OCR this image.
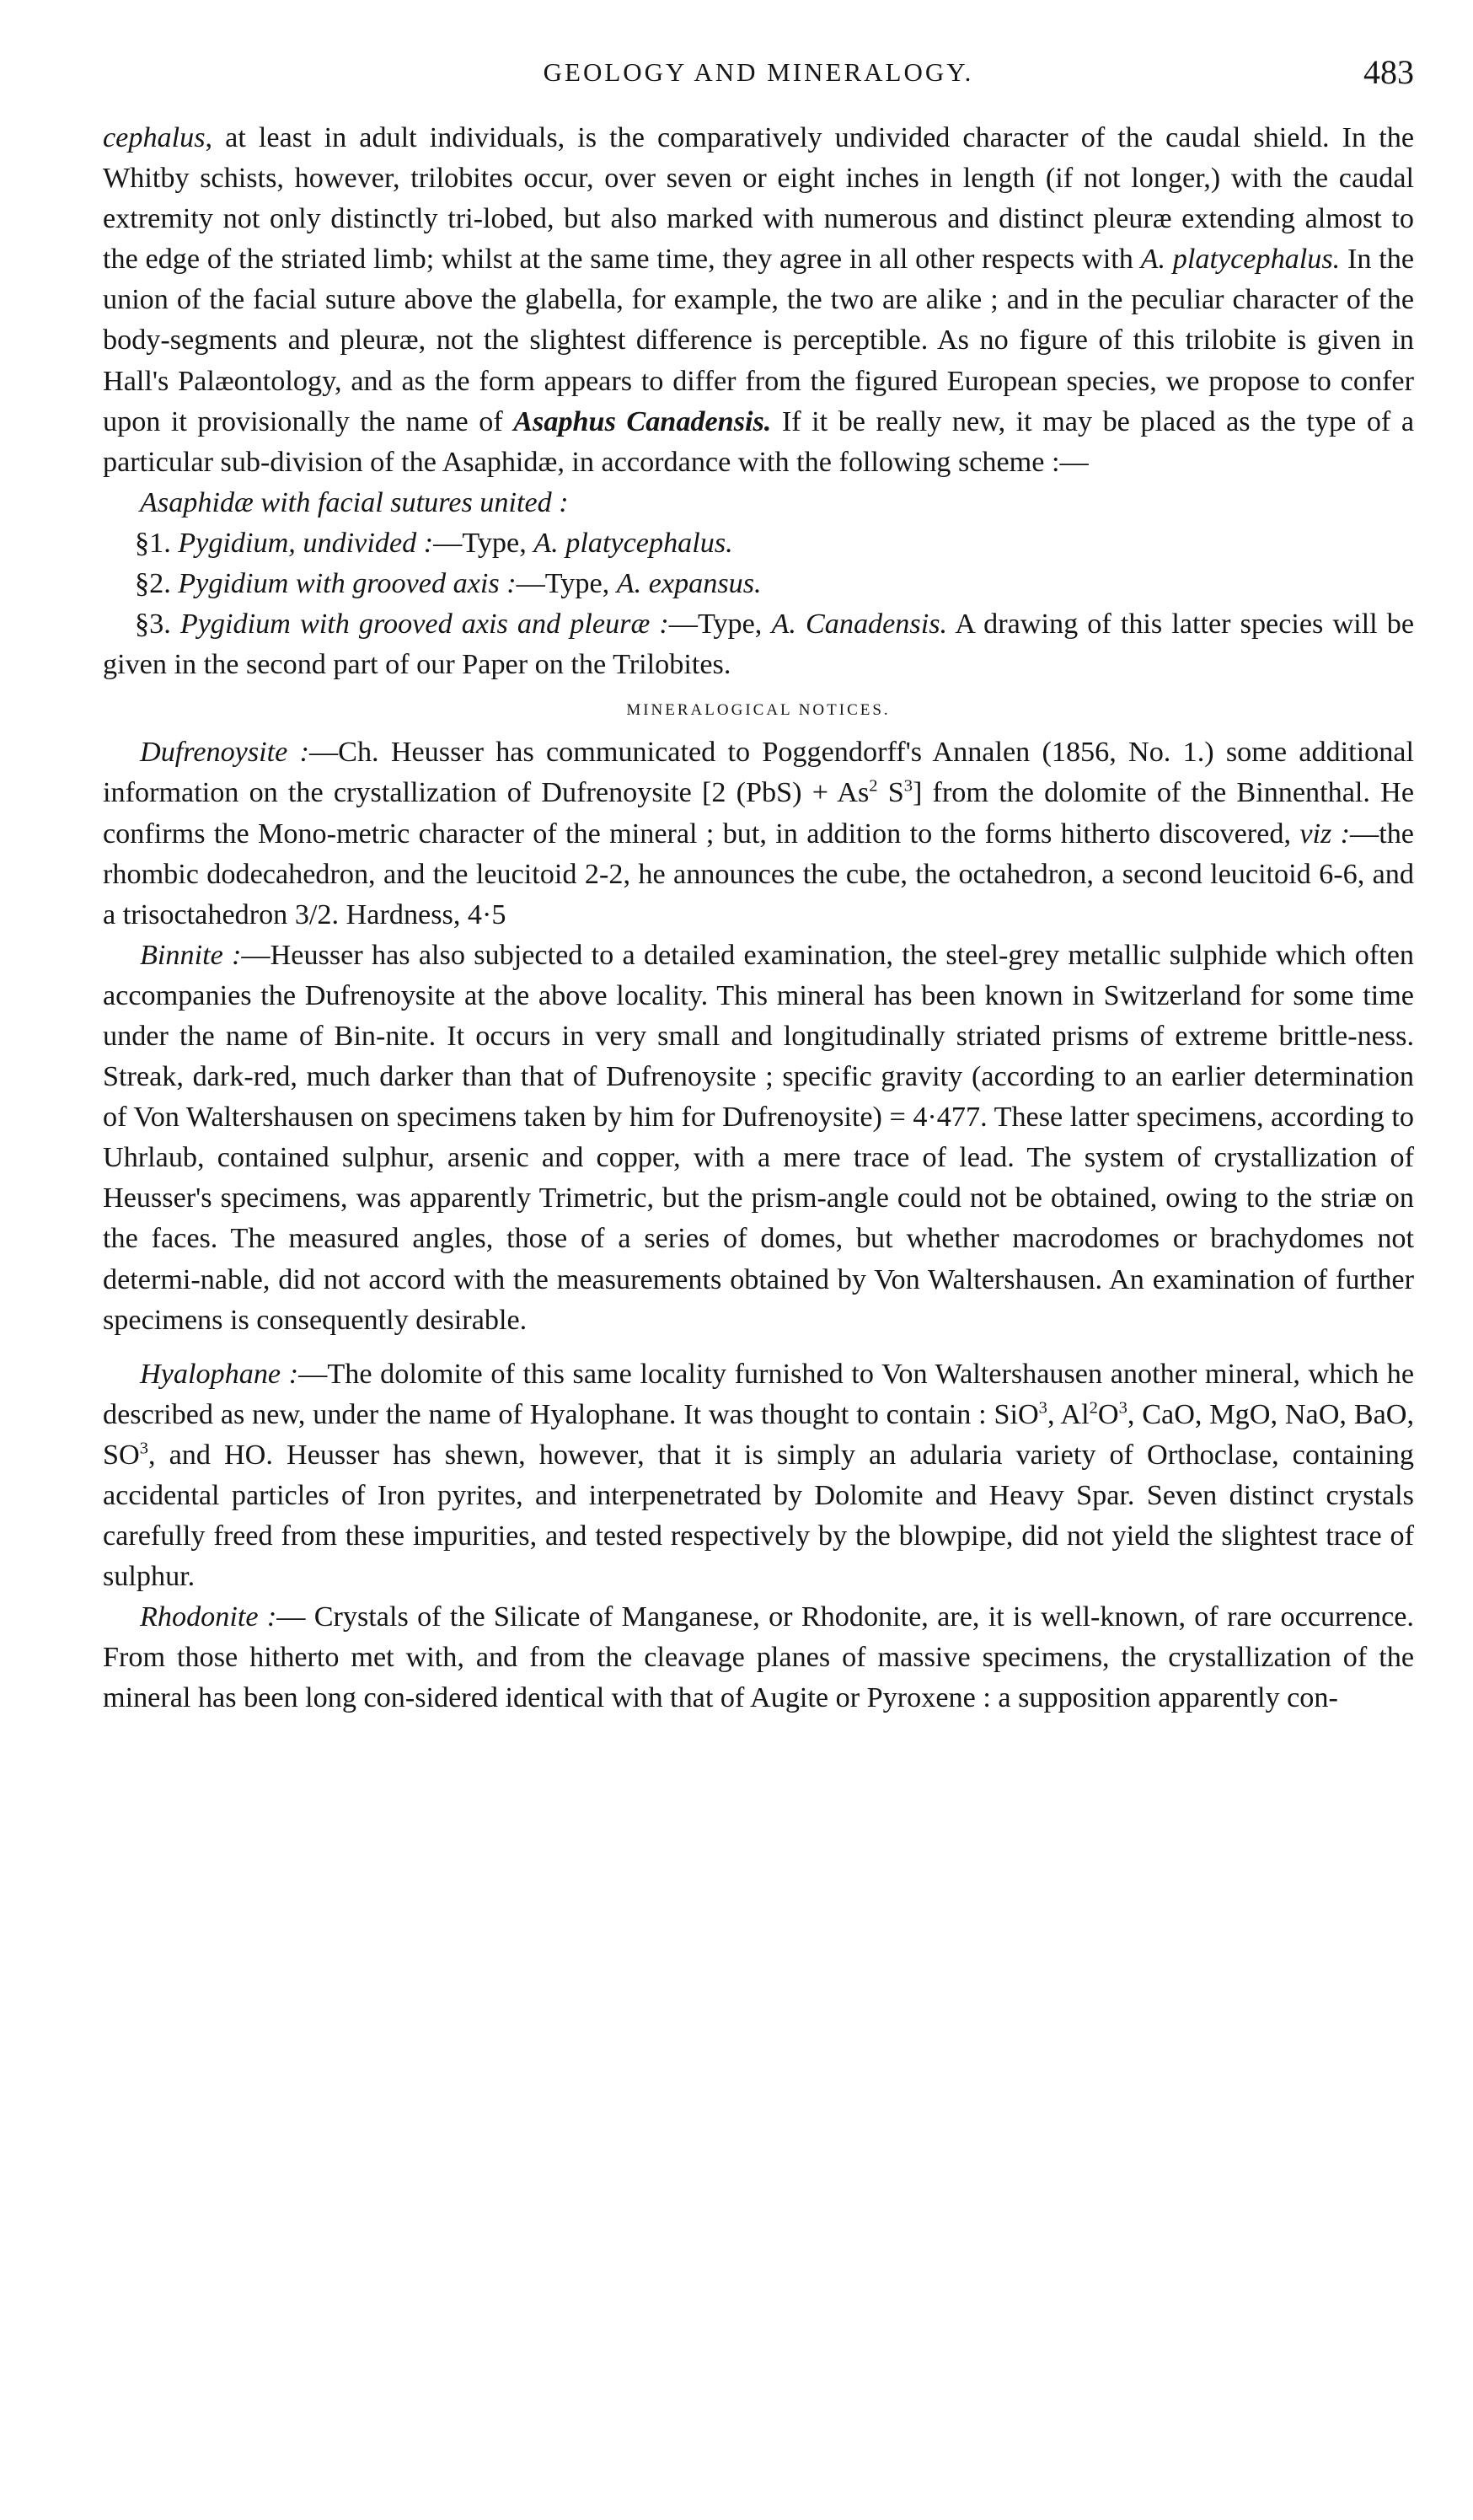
GEOLOGY AND MINERALOGY.	483

cephalus, at least in adult individuals, is the comparatively undivided character of the caudal shield. In the Whitby schists, however, trilobites occur, over seven or eight inches in length (if not longer,) with the caudal extremity not only distinctly tri-lobed, but also marked with numerous and distinct pleuræ extending almost to the edge of the striated limb; whilst at the same time, they agree in all other respects with A. platycephalus. In the union of the facial suture above the glabella, for example, the two are alike ; and in the peculiar character of the body-segments and pleuræ, not the slightest difference is perceptible. As no figure of this trilobite is given in Hall's Palæontology, and as the form appears to differ from the figured European species, we propose to confer upon it provisionally the name of Asaphus Canadensis. If it be really new, it may be placed as the type of a particular sub-division of the Asaphidæ, in accordance with the following scheme :—

Asaphidæ with facial sutures united :

§1. Pygidium, undivided :—Type, A. platycephalus.

§2. Pygidium with grooved axis :—Type, A. expansus.

§3. Pygidium with grooved axis and pleuræ :—Type, A. Canadensis. A drawing of this latter species will be given in the second part of our Paper on the Trilobites.

MINERALOGICAL NOTICES.

Dufrenoysite :—Ch. Heusser has communicated to Poggendorff's Annalen (1856, No. 1.) some additional information on the crystallization of Dufrenoysite [2 $(PbS) + As^2$ $S^3$] from the dolomite of the Binnenthal. He confirms the Mono-metric character of the mineral ; but, in addition to the forms hitherto discovered, viz :—the rhombic dodecahedron, and the leucitoid 2-2, he announces the cube, the octahedron, a second leucitoid 6-6, and a trisoctahedron 3/2. Hardness, 4·5

Binnite :—Heusser has also subjected to a detailed examination, the steel-grey metallic sulphide which often accompanies the Dufrenoysite at the above locality. This mineral has been known in Switzerland for some time under the name of Bin-nite. It occurs in very small and longitudinally striated prisms of extreme brittle-ness. Streak, dark-red, much darker than that of Dufrenoysite ; specific gravity (according to an earlier determination of Von Waltershausen on specimens taken by him for Dufrenoysite) = 4·477. These latter specimens, according to Uhrlaub, contained sulphur, arsenic and copper, with a mere trace of lead. The system of crystallization of Heusser's specimens, was apparently Trimetric, but the prism-angle could not be obtained, owing to the striæ on the faces. The measured angles, those of a series of domes, but whether macrodomes or brachydomes not determi-nable, did not accord with the measurements obtained by Von Waltershausen. An examination of further specimens is consequently desirable.

Hyalophane :—The dolomite of this same locality furnished to Von Waltershausen another mineral, which he described as new, under the name of Hyalophane. It was thought to contain : SiO$^3$, $Al^2O^3$, CaO, MgO, NaO, BaO, $SO^3$, and HO. Heusser has shewn, however, that it is simply an adularia variety of Orthoclase, containing accidental particles of Iron pyrites, and interpenetrated by Dolomite and Heavy Spar. Seven distinct crystals carefully freed from these impurities, and tested respectively by the blowpipe, did not yield the slightest trace of sulphur.

Rhodonite :— Crystals of the Silicate of Manganese, or Rhodonite, are, it is well-known, of rare occurrence. From those hitherto met with, and from the cleavage planes of massive specimens, the crystallization of the mineral has been long con-sidered identical with that of Augite or Pyroxene : a supposition apparently con-
